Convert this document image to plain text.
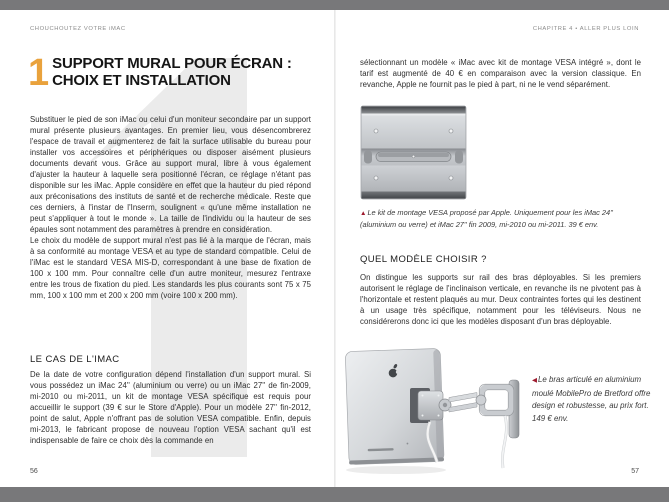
CHOUCHOUTEZ VOTRE iMAC
1 SUPPORT MURAL POUR ÉCRAN :
CHOIX ET INSTALLATION

Substituer le pied de son iMac ou celui d'un moniteur secondaire par un support mural présente plusieurs avantages. En premier lieu, vous désencombrerez l'espace de travail et augmenterez de fait la surface utilisable du bureau pour installer vos accessoires et périphériques ou disposer aisément plusieurs documents devant vous. Grâce au support mural, libre à vous également d'ajuster la hauteur à laquelle sera positionné l'écran, ce réglage n'étant pas disponible sur les iMac. Apple considère en effet que la hauteur du pied répond aux préconisations des instituts de santé et de recherche médicale. Reste que ces derniers, à l'instar de l'Inserm, soulignent « qu'une même installation ne peut s'appliquer à tout le monde ». La taille de l'individu ou la hauteur de ses épaules sont notamment des paramètres à prendre en considération.

Le choix du modèle de support mural n'est pas lié à la marque de l'écran, mais à sa conformité au montage VESA et au type de standard compatible. Celui de l'iMac est le standard VESA MIS-D, correspondant à une base de fixation de 100 x 100 mm. Pour connaître celle d'un autre moniteur, mesurez l'entraxe entre les trous de fixation du pied. Les standards les plus courants sont 75 x 75 mm, 100 x 100 mm et 200 x 200 mm (voire 100 x 200 mm).

LE CAS DE L'IMAC

De la date de votre configuration dépend l'installation d'un support mural. Si vous possédez un iMac 24'' (aluminium ou verre) ou un iMac 27'' de fin-2009, mi-2010 ou mi-2011, un kit de montage VESA spécifique est requis pour accueillir le support (39 € sur le Store d'Apple). Pour un modèle 27'' fin-2012, point de salut, Apple n'offrant pas de solution VESA compatible. Enfin, depuis mi-2013, le fabricant propose de nouveau l'option VESA sachant qu'il est indispensable de faire ce choix dès la commande en

56
CHAPITRE 4 • ALLER PLUS LOIN

sélectionnant un modèle « iMac avec kit de montage VESA intégré », dont le tarif est augmenté de 40 € en comparaison avec la version classique. En revanche, Apple ne fournit pas le pied à part, ni ne le vend séparément.

▲Le kit de montage VESA proposé par Apple. Uniquement pour les iMac 24'' (aluminium ou verre) et iMac 27'' fin 2009, mi-2010 ou mi-2011. 39 € env.
QUEL MODÈLE CHOISIR ?

On distingue les supports sur rail des bras déployables. Si les premiers autorisent le réglage de l'inclinaison verticale, en revanche ils ne pivotent pas à l'horizontale et restent plaqués au mur. Deux contraintes fortes qui les destinent à un usage très spécifique, notamment pour les téléviseurs. Nous ne considérerons donc ici que les modèles disposant d'un bras déployable.

◀Le bras articulé en aluminium moulé MobilePro de Bretford offre design et robustesse, au prix fort. 149 € env.
57
